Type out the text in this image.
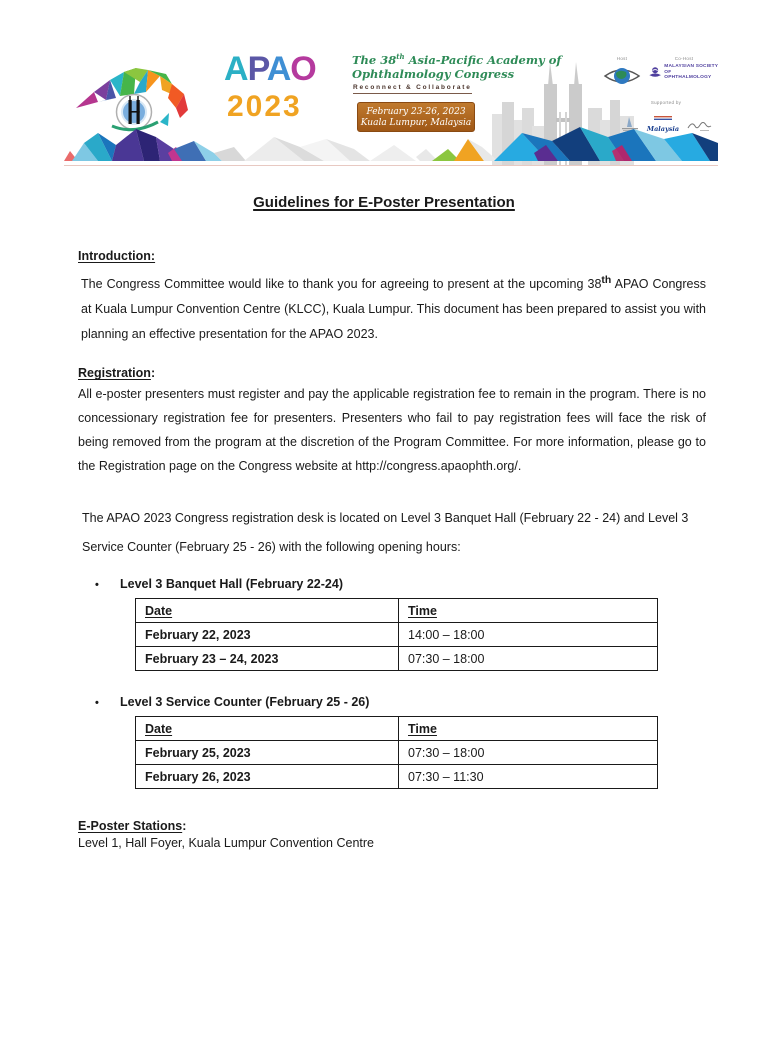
APAO
2023
The 38th Asia-Pacific Academy of
Ophthalmology Congress
Reconnect & Collaborate
February 23-26, 2023
Kuala Lumpur, Malaysia
Host	Co-Host
MALAYSIAN SOCIETY OF
OPHTHALMOLOGY
Supported by
Malaysia
Guidelines for E-Poster Presentation
Introduction:

The Congress Committee would like to thank you for agreeing to present at the upcoming 38th APAO Congress at Kuala Lumpur Convention Centre (KLCC), Kuala Lumpur. This document has been prepared to assist you with planning an effective presentation for the APAO 2023.

Registration:

All e-poster presenters must register and pay the applicable registration fee to remain in the program. There is no concessionary registration fee for presenters. Presenters who fail to pay registration fees will face the risk of being removed from the program at the discretion of the Program Committee. For more information, please go to the Registration page on the Congress website at http://congress.apaophth.org/.

The APAO 2023 Congress registration desk is located on Level 3 Banquet Hall (February 22 - 24) and Level 3 Service Counter (February 25 - 26) with the following opening hours:

•	Level 3 Banquet Hall (February 22-24)
Date	Time
February 22, 2023	14:00 – 18:00
February 23 – 24, 2023	07:30 – 18:00
•	Level 3 Service Counter (February 25 - 26)
Date	Time
February 25, 2023	07:30 – 18:00
February 26, 2023	07:30 – 11:30
E-Poster Stations:
Level 1, Hall Foyer, Kuala Lumpur Convention Centre
